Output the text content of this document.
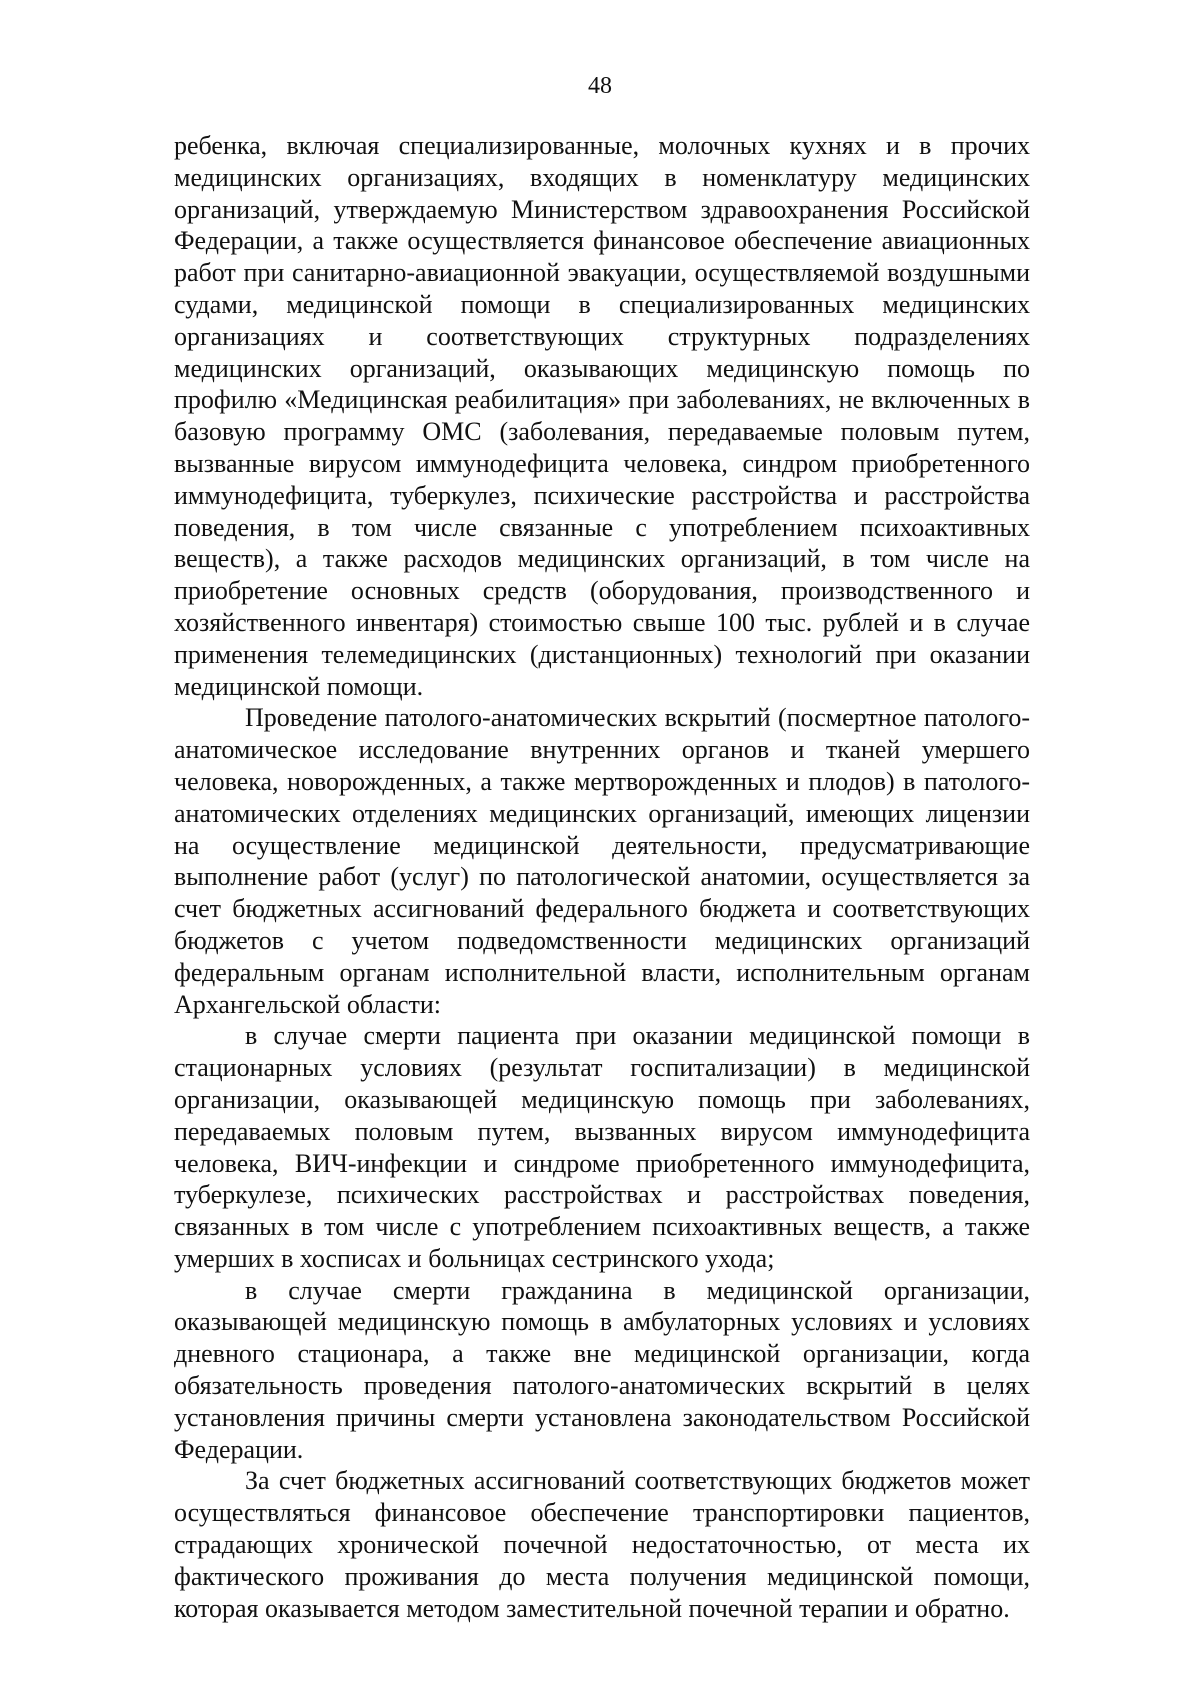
48

ребенка, включая специализированные, молочных кухнях и в прочих медицинских организациях, входящих в номенклатуру медицинских организаций, утверждаемую Министерством здравоохранения Российской Федерации, а также осуществляется финансовое обеспечение авиационных работ при санитарно-авиационной эвакуации, осуществляемой воздушными судами, медицинской помощи в специализированных медицинских организациях и соответствующих структурных подразделениях медицинских организаций, оказывающих медицинскую помощь по профилю «Медицинская реабилитация» при заболеваниях, не включенных в базовую программу ОМС (заболевания, передаваемые половым путем, вызванные вирусом иммунодефицита человека, синдром приобретенного иммунодефицита, туберкулез, психические расстройства и расстройства поведения, в том числе связанные с употреблением психоактивных веществ), а также расходов медицинских организаций, в том числе на приобретение основных средств (оборудования, производственного и хозяйственного инвентаря) стоимостью свыше 100 тыс. рублей и в случае применения телемедицинских (дистанционных) технологий при оказании медицинской помощи.

Проведение патолого-анатомических вскрытий (посмертное патолого-анатомическое исследование внутренних органов и тканей умершего человека, новорожденных, а также мертворожденных и плодов) в патолого-анатомических отделениях медицинских организаций, имеющих лицензии на осуществление медицинской деятельности, предусматривающие выполнение работ (услуг) по патологической анатомии, осуществляется за счет бюджетных ассигнований федерального бюджета и соответствующих бюджетов с учетом подведомственности медицинских организаций федеральным органам исполнительной власти, исполнительным органам Архангельской области:

в случае смерти пациента при оказании медицинской помощи в стационарных условиях (результат госпитализации) в медицинской организации, оказывающей медицинскую помощь при заболеваниях, передаваемых половым путем, вызванных вирусом иммунодефицита человека, ВИЧ-инфекции и синдроме приобретенного иммунодефицита, туберкулезе, психических расстройствах и расстройствах поведения, связанных в том числе с употреблением психоактивных веществ, а также умерших в хосписах и больницах сестринского ухода;

в случае смерти гражданина в медицинской организации, оказывающей медицинскую помощь в амбулаторных условиях и условиях дневного стационара, а также вне медицинской организации, когда обязательность проведения патолого-анатомических вскрытий в целях установления причины смерти установлена законодательством Российской Федерации.

За счет бюджетных ассигнований соответствующих бюджетов может осуществляться финансовое обеспечение транспортировки пациентов, страдающих хронической почечной недостаточностью, от места их фактического проживания до места получения медицинской помощи, которая оказывается методом заместительной почечной терапии и обратно.
